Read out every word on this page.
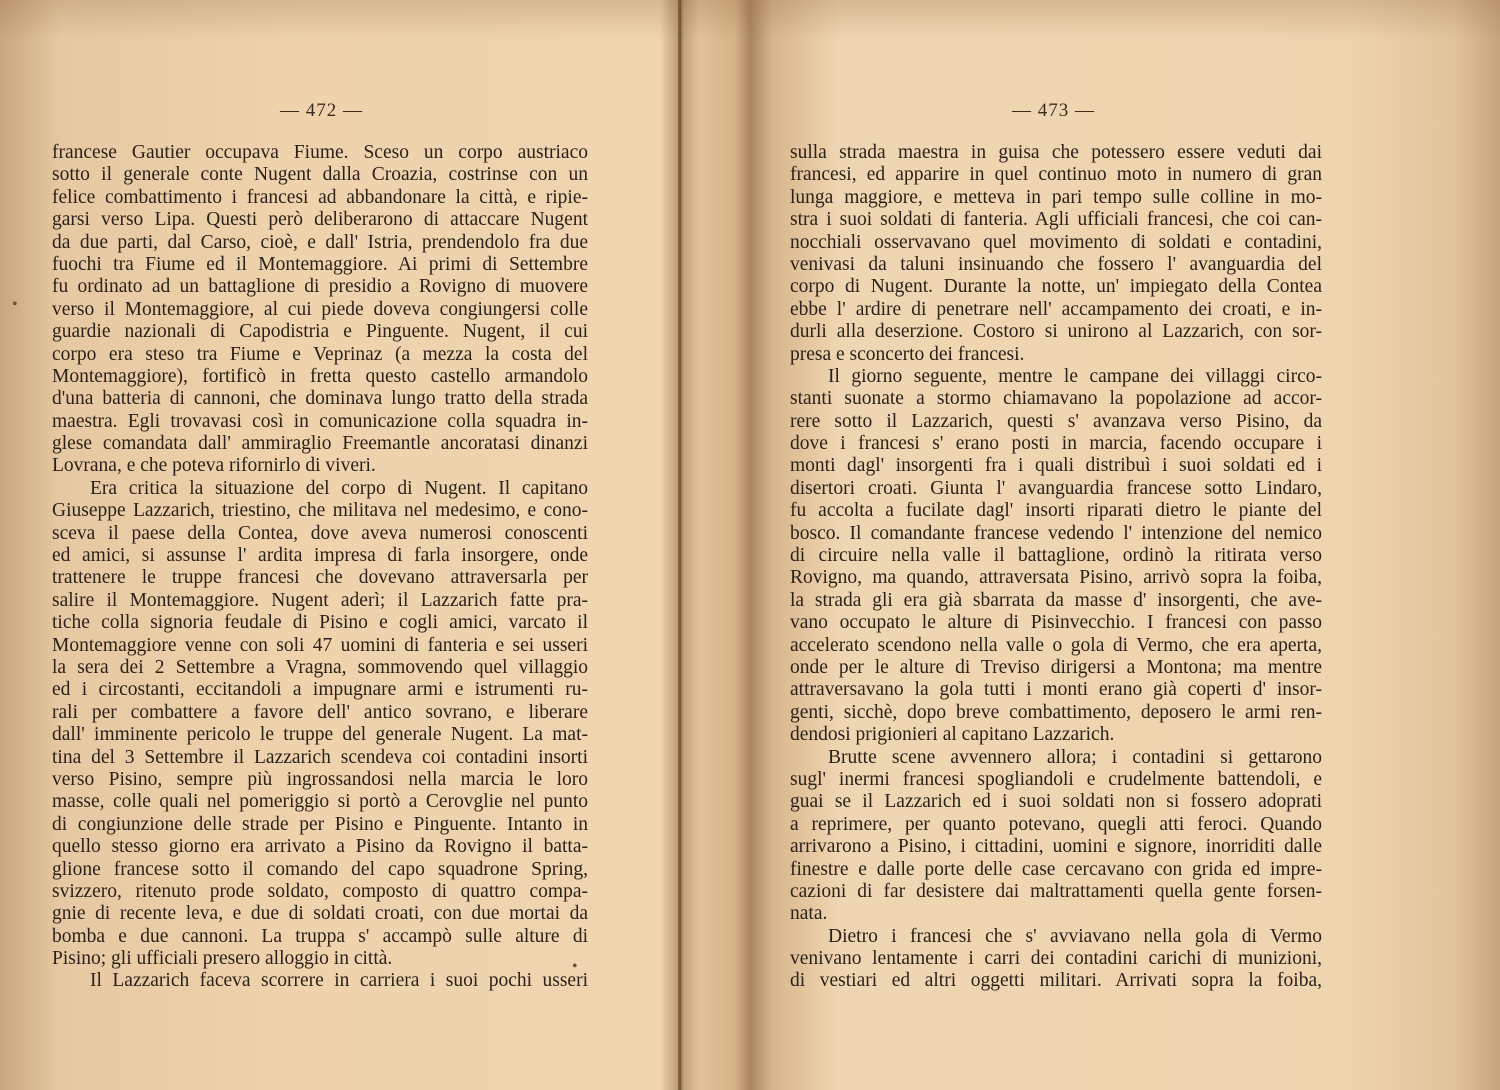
— 472 —
francese Gautier occupava Fiume. Sceso un corpo austriaco
sotto il generale conte Nugent dalla Croazia, costrinse con un
felice combattimento i francesi ad abbandonare la città, e ripie-
garsi verso Lipa. Questi però deliberarono di attaccare Nugent
da due parti, dal Carso, cioè, e dall' Istria, prendendolo fra due
fuochi tra Fiume ed il Montemaggiore. Ai primi di Settembre
fu ordinato ad un battaglione di presidio a Rovigno di muovere
verso il Montemaggiore, al cui piede doveva congiungersi colle
guardie nazionali di Capodistria e Pinguente. Nugent, il cui
corpo era steso tra Fiume e Veprinaz (a mezza la costa del
Montemaggiore), fortificò in fretta questo castello armandolo
d'una batteria di cannoni, che dominava lungo tratto della strada
maestra. Egli trovavasi così in comunicazione colla squadra in-
glese comandata dall' ammiraglio Freemantle ancoratasi dinanzi
Lovrana, e che poteva rifornirlo di viveri.
Era critica la situazione del corpo di Nugent. Il capitano
Giuseppe Lazzarich, triestino, che militava nel medesimo, e cono-
sceva il paese della Contea, dove aveva numerosi conoscenti
ed amici, si assunse l' ardita impresa di farla insorgere, onde
trattenere le truppe francesi che dovevano attraversarla per
salire il Montemaggiore. Nugent aderì; il Lazzarich fatte pra-
tiche colla signoria feudale di Pisino e cogli amici, varcato il
Montemaggiore venne con soli 47 uomini di fanteria e sei usseri
la sera dei 2 Settembre a Vragna, sommovendo quel villaggio
ed i circostanti, eccitandoli a impugnare armi e istrumenti ru-
rali per combattere a favore dell' antico sovrano, e liberare
dall' imminente pericolo le truppe del generale Nugent. La mat-
tina del 3 Settembre il Lazzarich scendeva coi contadini insorti
verso Pisino, sempre più ingrossandosi nella marcia le loro
masse, colle quali nel pomeriggio si portò a Cerovglie nel punto
di congiunzione delle strade per Pisino e Pinguente. Intanto in
quello stesso giorno era arrivato a Pisino da Rovigno il batta-
glione francese sotto il comando del capo squadrone Spring,
svizzero, ritenuto prode soldato, composto di quattro compa-
gnie di recente leva, e due di soldati croati, con due mortai da
bomba e due cannoni. La truppa s' accampò sulle alture di
Pisino; gli ufficiali presero alloggio in città.
Il Lazzarich faceva scorrere in carriera i suoi pochi usseri
•
•
— 473 —
sulla strada maestra in guisa che potessero essere veduti dai
francesi, ed apparire in quel continuo moto in numero di gran
lunga maggiore, e metteva in pari tempo sulle colline in mo-
stra i suoi soldati di fanteria. Agli ufficiali francesi, che coi can-
nocchiali osservavano quel movimento di soldati e contadini,
venivasi da taluni insinuando che fossero l' avanguardia del
corpo di Nugent. Durante la notte, un' impiegato della Contea
ebbe l' ardire di penetrare nell' accampamento dei croati, e in-
durli alla deserzione. Costoro si unirono al Lazzarich, con sor-
presa e sconcerto dei francesi.
Il giorno seguente, mentre le campane dei villaggi circo-
stanti suonate a stormo chiamavano la popolazione ad accor-
rere sotto il Lazzarich, questi s' avanzava verso Pisino, da
dove i francesi s' erano posti in marcia, facendo occupare i
monti dagl' insorgenti fra i quali distribuì i suoi soldati ed i
disertori croati. Giunta l' avanguardia francese sotto Lindaro,
fu accolta a fucilate dagl' insorti riparati dietro le piante del
bosco. Il comandante francese vedendo l' intenzione del nemico
di circuire nella valle il battaglione, ordinò la ritirata verso
Rovigno, ma quando, attraversata Pisino, arrivò sopra la foiba,
la strada gli era già sbarrata da masse d' insorgenti, che ave-
vano occupato le alture di Pisinvecchio. I francesi con passo
accelerato scendono nella valle o gola di Vermo, che era aperta,
onde per le alture di Treviso dirigersi a Montona; ma mentre
attraversavano la gola tutti i monti erano già coperti d' insor-
genti, sicchè, dopo breve combattimento, deposero le armi ren-
dendosi prigionieri al capitano Lazzarich.
Brutte scene avvennero allora; i contadini si gettarono
sugl' inermi francesi spogliandoli e crudelmente battendoli, e
guai se il Lazzarich ed i suoi soldati non si fossero adoprati
a reprimere, per quanto potevano, quegli atti feroci. Quando
arrivarono a Pisino, i cittadini, uomini e signore, inorriditi dalle
finestre e dalle porte delle case cercavano con grida ed impre-
cazioni di far desistere dai maltrattamenti quella gente forsen-
nata.
Dietro i francesi che s' avviavano nella gola di Vermo
venivano lentamente i carri dei contadini carichi di munizioni,
di vestiari ed altri oggetti militari. Arrivati sopra la foiba,
